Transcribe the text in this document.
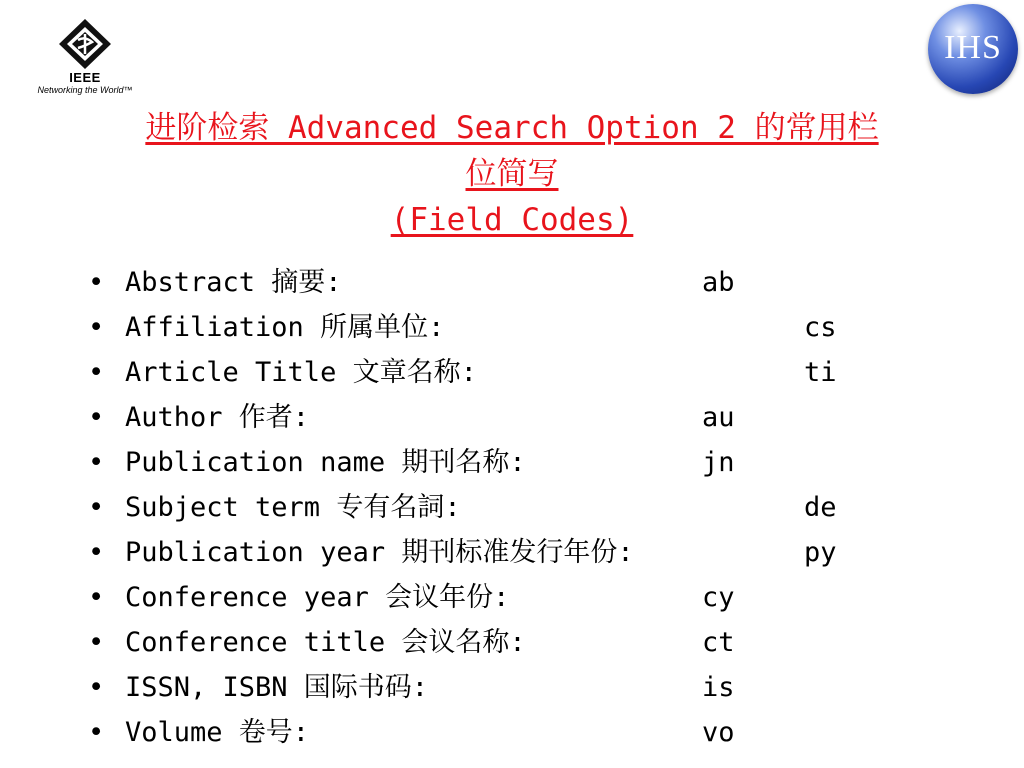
IEEE
Networking the World™
IHS
进阶检索 Advanced Search Option 2 的常用栏
位简写
(Field Codes)
• Abstract 摘要:	ab
• Affiliation 所属单位:	cs
• Article Title 文章名称:	ti
• Author 作者:	au
• Publication name 期刊名称:	jn
• Subject term 专有名詞:	de
• Publication year 期刊标准发行年份:	py
• Conference year 会议年份:	cy
• Conference title 会议名称:	ct
• ISSN, ISBN 国际书码:	is
• Volume 卷号:	vo
